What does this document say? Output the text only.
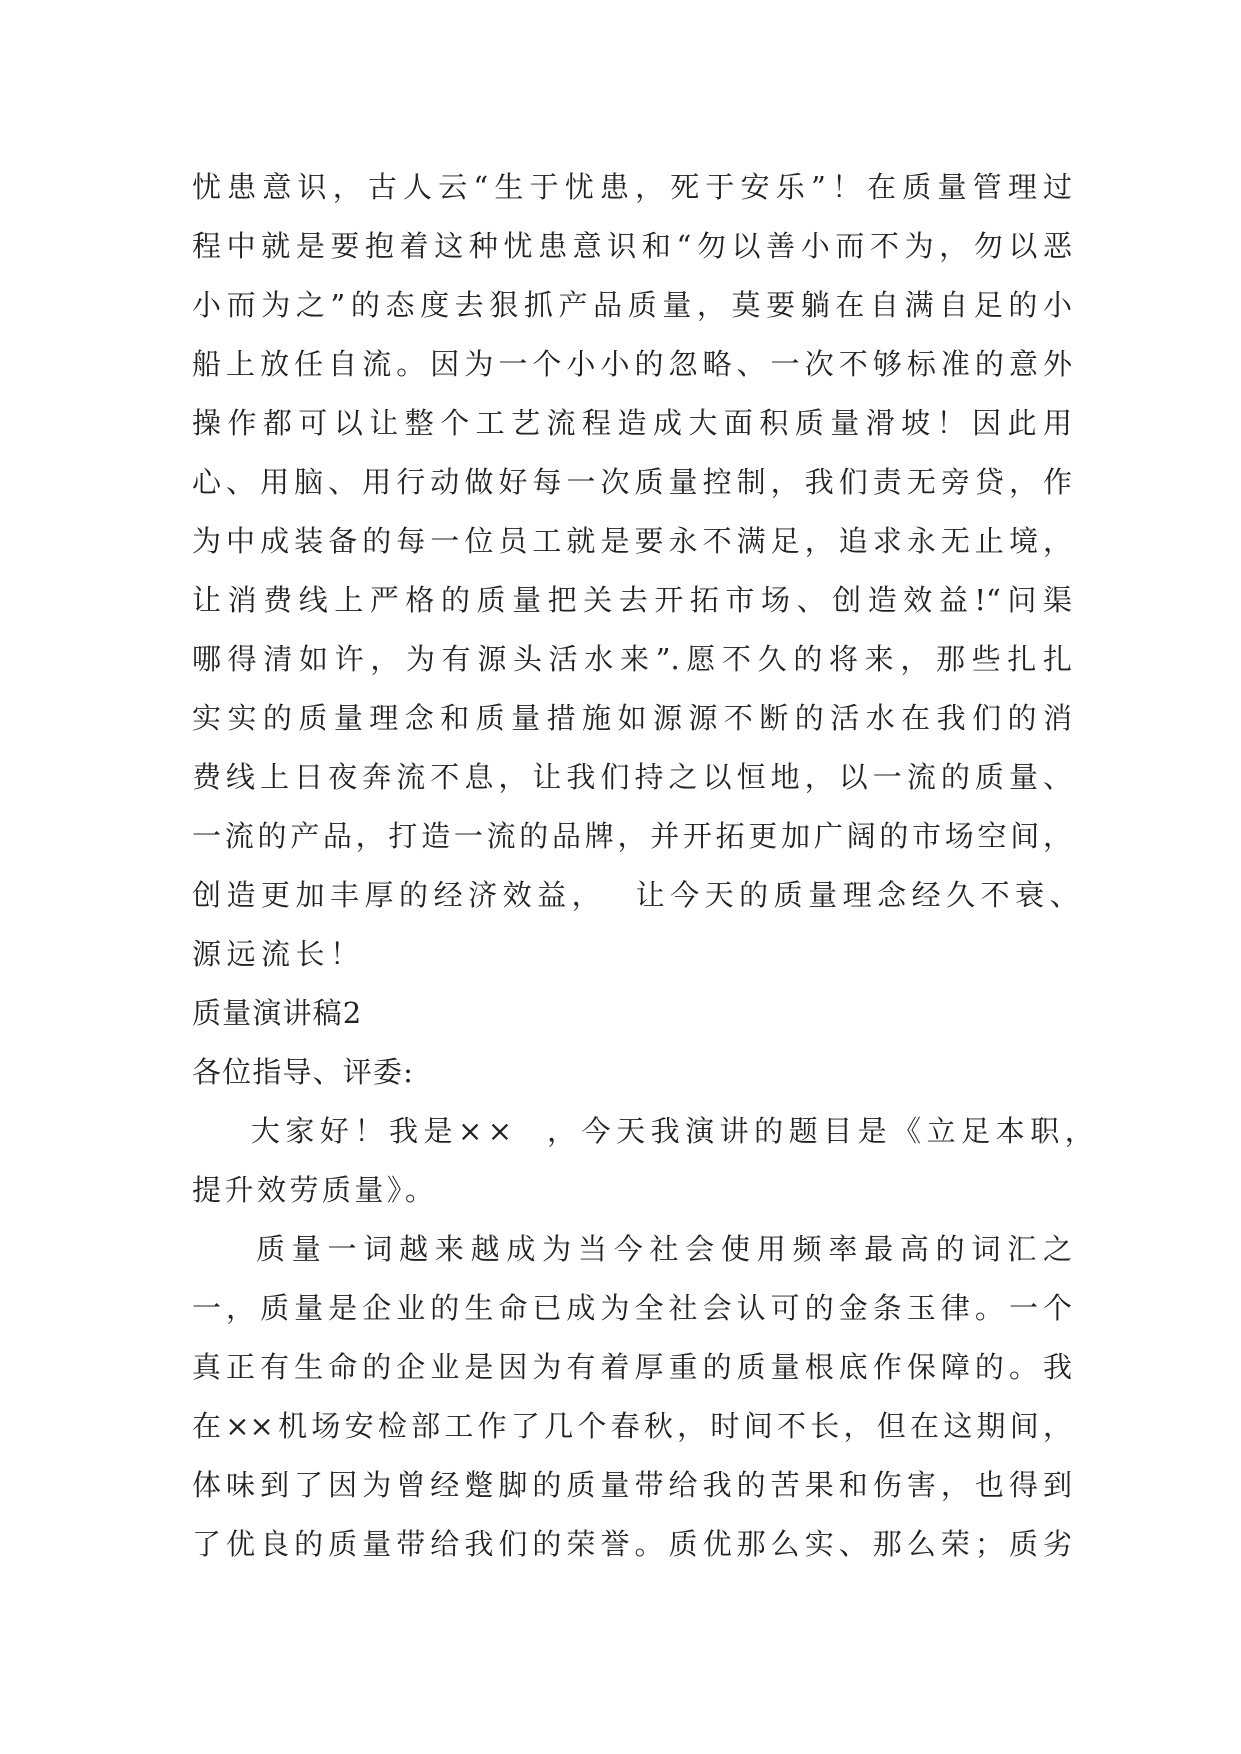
忧患意识，古人云“生于忧患，死于安乐”！在质量管理过
程中就是要抱着这种忧患意识和“勿以善小而不为，勿以恶
小而为之”的态度去狠抓产品质量，莫要躺在自满自足的小
船上放任自流。因为一个小小的忽略、一次不够标准的意外
操作都可以让整个工艺流程造成大面积质量滑坡！因此用
心、用脑、用行动做好每一次质量控制，我们责无旁贷，作
为中成装备的每一位员工就是要永不满足，追求永无止境，
让消费线上严格的质量把关去开拓市场、创造效益!“问渠
哪得清如许，为有源头活水来”.愿不久的将来，那些扎扎
实实的质量理念和质量措施如源源不断的活水在我们的消
费线上日夜奔流不息，让我们持之以恒地，以一流的质量、
一流的产品，打造一流的品牌，并开拓更加广阔的市场空间，
创造更加丰厚的经济效益，  让今天的质量理念经久不衰、
源远流长！
质量演讲稿2
各位指导、评委:
大家好！我是××  ，今天我演讲的题目是《立足本职，
提升效劳质量》。
质量一词越来越成为当今社会使用频率最高的词汇之
一，质量是企业的生命已成为全社会认可的金条玉律。一个
真正有生命的企业是因为有着厚重的质量根底作保障的。我
在××机场安检部工作了几个春秋，时间不长，但在这期间，
体味到了因为曾经蹩脚的质量带给我的苦果和伤害，也得到
了优良的质量带给我们的荣誉。质优那么实、那么荣；质劣
